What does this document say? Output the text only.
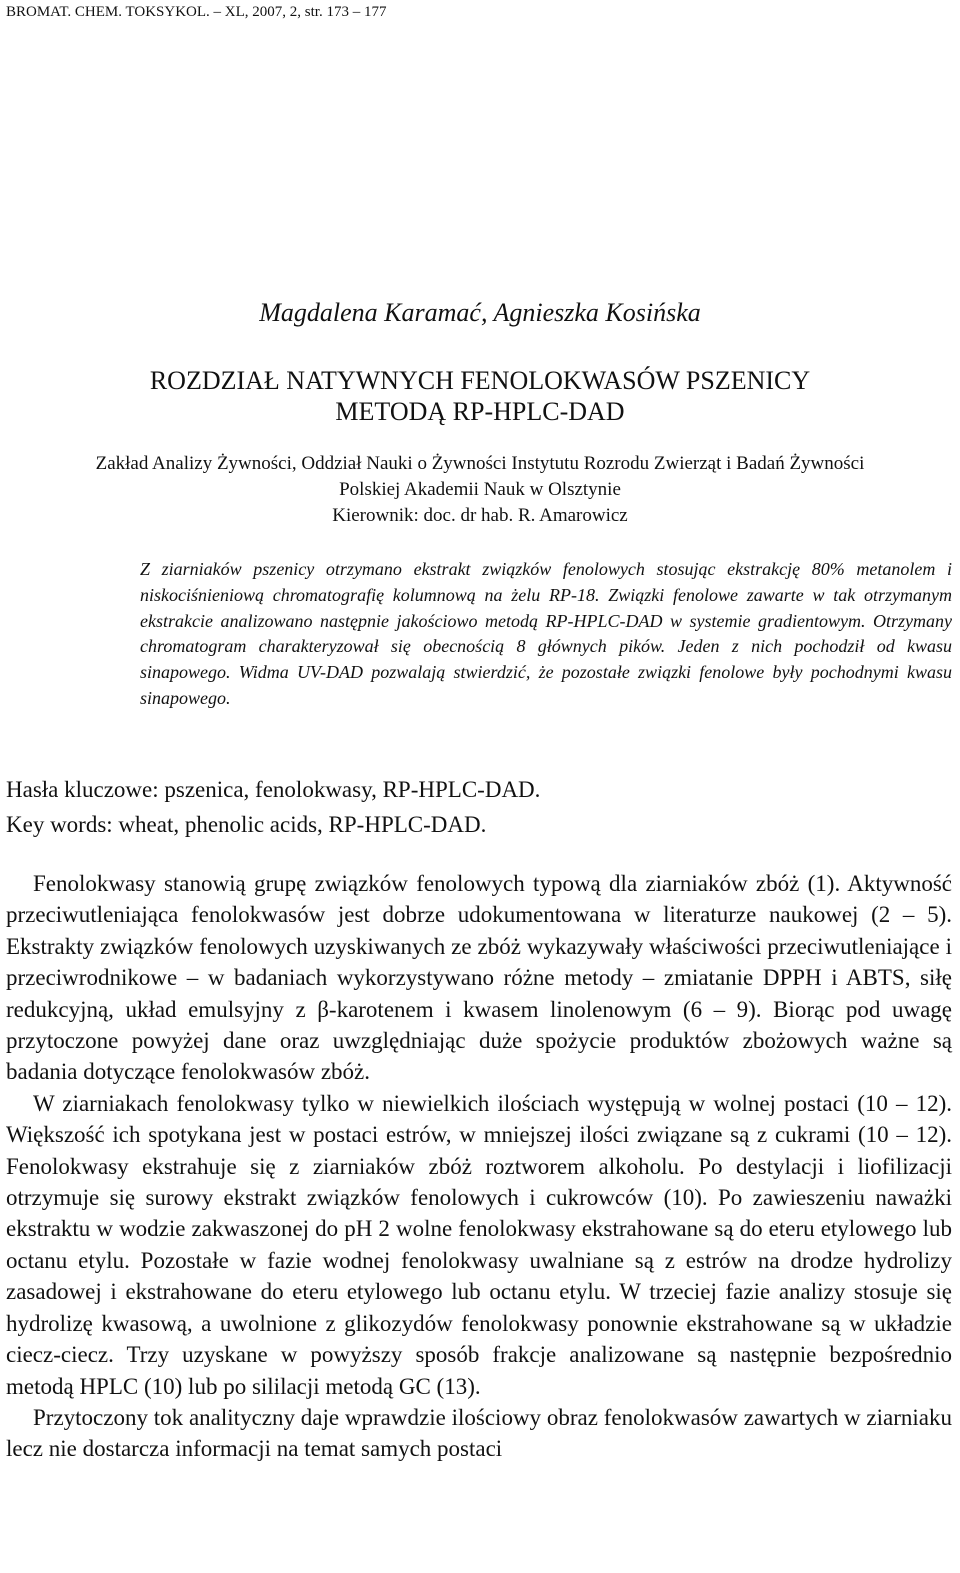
BROMAT. CHEM. TOKSYKOL. – XL, 2007, 2, str. 173 – 177
Magdalena Karamać, Agnieszka Kosińska
ROZDZIAŁ NATYWNYCH FENOLOKWASÓW PSZENICY
METODĄ RP-HPLC-DAD
Zakład Analizy Żywności, Oddział Nauki o Żywności Instytutu Rozrodu Zwierząt i Badań Żywności
Polskiej Akademii Nauk w Olsztynie
Kierownik: doc. dr hab. R. Amarowicz
Z ziarniaków pszenicy otrzymano ekstrakt związków fenolowych stosując ekstrakcję 80% metanolem i niskociśnieniową chromatografię kolumnową na żelu RP-18. Związki fenolowe zawarte w tak otrzymanym ekstrakcie analizowano następnie jakościowo metodą RP-HPLC-DAD w systemie gradientowym. Otrzymany chromatogram charakteryzował się obecnością 8 głównych pików. Jeden z nich pochodził od kwasu sinapowego. Widma UV-DAD pozwalają stwierdzić, że pozostałe związki fenolowe były pochodnymi kwasu sinapowego.
Hasła kluczowe: pszenica, fenolokwasy, RP-HPLC-DAD.
Key words: wheat, phenolic acids, RP-HPLC-DAD.

Fenolokwasy stanowią grupę związków fenolowych typową dla ziarniaków zbóż (1). Aktywność przeciwutleniająca fenolokwasów jest dobrze udokumentowana w literaturze naukowej (2 – 5). Ekstrakty związków fenolowych uzyskiwanych ze zbóż wykazywały właściwości przeciwutleniające i przeciwrodnikowe – w badaniach wykorzystywano różne metody – zmiatanie DPPH i ABTS, siłę redukcyjną, układ emulsyjny z β-karotenem i kwasem linolenowym (6 – 9). Biorąc pod uwagę przytoczone powyżej dane oraz uwzględniając duże spożycie produktów zbożowych ważne są badania dotyczące fenolokwasów zbóż.

W ziarniakach fenolokwasy tylko w niewielkich ilościach występują w wolnej postaci (10 – 12). Większość ich spotykana jest w postaci estrów, w mniejszej ilości związane są z cukrami (10 – 12). Fenolokwasy ekstrahuje się z ziarniaków zbóż roztworem alkoholu. Po destylacji i liofilizacji otrzymuje się surowy ekstrakt związków fenolowych i cukrowców (10). Po zawieszeniu naważki ekstraktu w wodzie zakwaszonej do pH 2 wolne fenolokwasy ekstrahowane są do eteru etylowego lub octanu etylu. Pozostałe w fazie wodnej fenolokwasy uwalniane są z estrów na drodze hydrolizy zasadowej i ekstrahowane do eteru etylowego lub octanu etylu. W trzeciej fazie analizy stosuje się hydrolizę kwasową, a uwolnione z glikozydów fenolokwasy ponownie ekstrahowane są w układzie ciecz-ciecz. Trzy uzyskane w powyższy sposób frakcje analizowane są następnie bezpośrednio metodą HPLC (10) lub po sililacji metodą GC (13).

Przytoczony tok analityczny daje wprawdzie ilościowy obraz fenolokwasów zawartych w ziarniaku lecz nie dostarcza informacji na temat samych postaci
